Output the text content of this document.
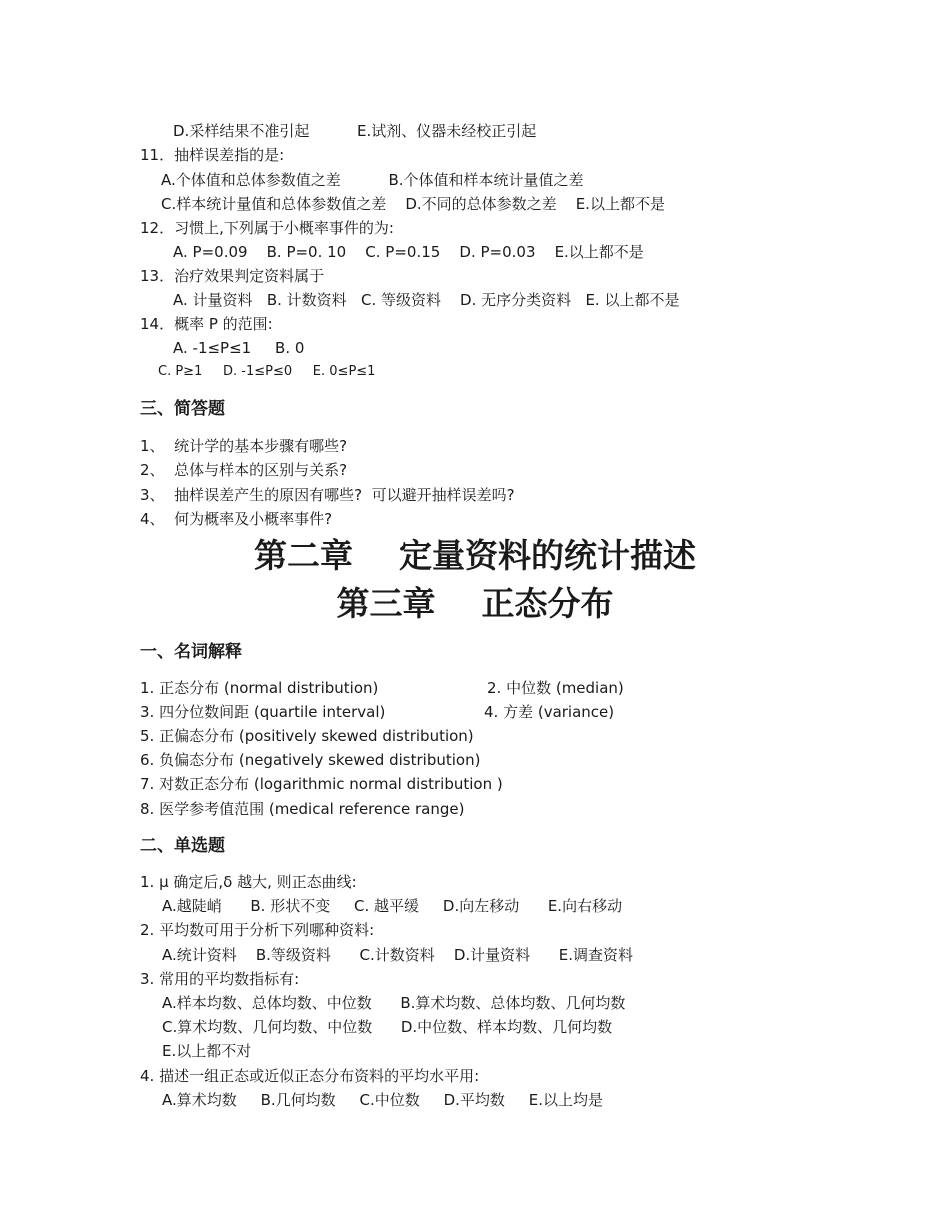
D.采样结果不准引起          E.试剂、仪器未经校正引起
11．抽样误差指的是:
A.个体值和总体参数值之差          B.个体值和样本统计量值之差
C.样本统计量值和总体参数值之差    D.不同的总体参数之差    E.以上都不是
12．习惯上,下列属于小概率事件的为:
A. P=0.09    B. P=0. 10    C. P=0.15    D. P=0.03    E.以上都不是
13．治疗效果判定资料属于
A. 计量资料   B. 计数资料   C. 等级资料    D. 无序分类资料   E. 以上都不是
14．概率 P 的范围:
A. -1≤P≤1     B. 0
C. P≥1     D. -1≤P≤0     E. 0≤P≤1
三、简答题
1、  统计学的基本步骤有哪些?
2、  总体与样本的区别与关系?
3、  抽样误差产生的原因有哪些?  可以避开抽样误差吗?
4、  何为概率及小概率事件?
第二章    定量资料的统计描述
第三章    正态分布
一、名词解释
1. 正态分布 (normal distribution)	2. 中位数 (median)
3. 四分位数间距 (quartile interval)	4. 方差 (variance)
5. 正偏态分布 (positively skewed distribution)
6. 负偏态分布 (negatively skewed distribution)
7. 对数正态分布 (logarithmic normal distribution )
8. 医学参考值范围 (medical reference range)
二、单选题
1. μ 确定后,δ 越大, 则正态曲线:
A.越陡峭      B. 形状不变     C. 越平缓     D.向左移动      E.向右移动
2. 平均数可用于分析下列哪种资料:
A.统计资料    B.等级资料      C.计数资料    D.计量资料      E.调查资料
3. 常用的平均数指标有:
A.样本均数、总体均数、中位数      B.算术均数、总体均数、几何均数
C.算术均数、几何均数、中位数      D.中位数、样本均数、几何均数
E.以上都不对
4. 描述一组正态或近似正态分布资料的平均水平用:
A.算术均数     B.几何均数     C.中位数     D.平均数     E.以上均是
